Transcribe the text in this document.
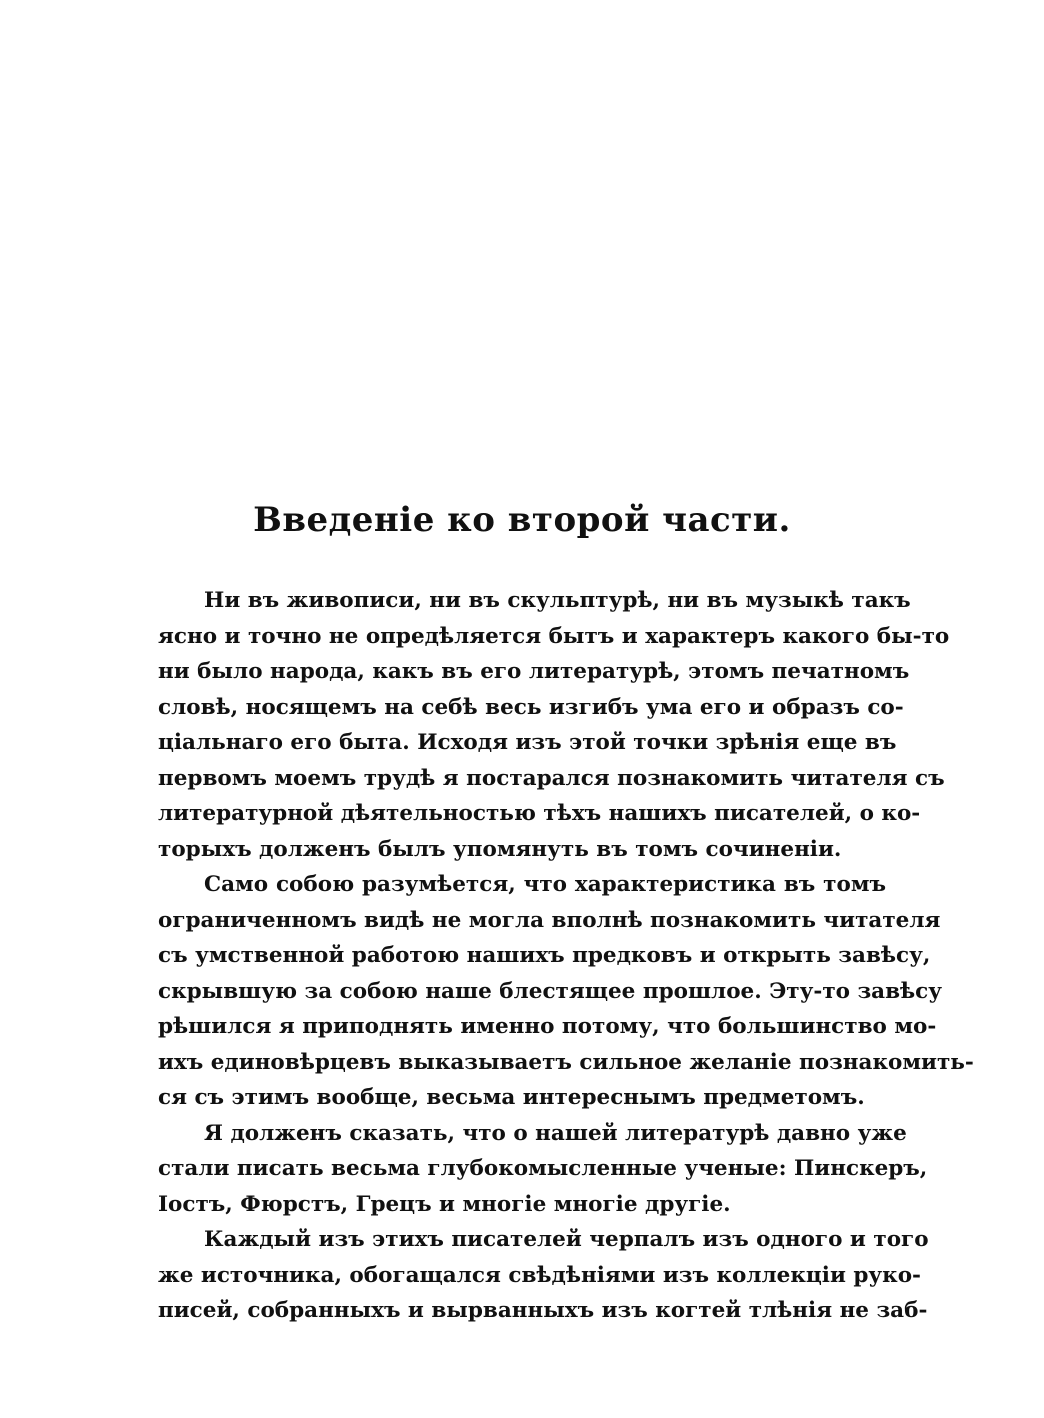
Введенiе ко второй части.
Ни въ живописи, ни въ скульптурѣ, ни въ музыкѣ такъ
ясно и точно не опредѣляется бытъ и характеръ какого бы-то
ни было народа, какъ въ его литературѣ, этомъ печатномъ
словѣ, носящемъ на себѣ весь изгибъ ума его и образъ со-
цiальнаго его быта. Исходя изъ этой точки зрѣнiя еще въ
первомъ моемъ трудѣ я постарался познакомить читателя съ
литературной дѣятельностью тѣхъ нашихъ писателей, о ко-
торыхъ долженъ былъ упомянуть въ томъ сочиненiи.
Само собою разумѣется, что характеристика въ томъ
ограниченномъ видѣ не могла вполнѣ познакомить читателя
съ умственной работою нашихъ предковъ и открыть завѣсу,
скрывшую за собою наше блестящее прошлое. Эту-то завѣсу
рѣшился я приподнять именно потому, что большинство мо-
ихъ единовѣрцевъ выказываетъ сильное желанiе познакомить-
ся съ этимъ вообще, весьма интереснымъ предметомъ.
Я долженъ сказать, что о нашей литературѣ давно уже
стали писать весьма глубокомысленные ученые: Пинскеръ,
Iостъ, Фюрстъ, Грецъ и многiе многiе другiе.
Каждый изъ этихъ писателей черпалъ изъ одного и того
же источника, обогащался свѣдѣнiями изъ коллекцiи руко-
писей, собранныхъ и вырванныхъ изъ когтей тлѣнiя не заб-
